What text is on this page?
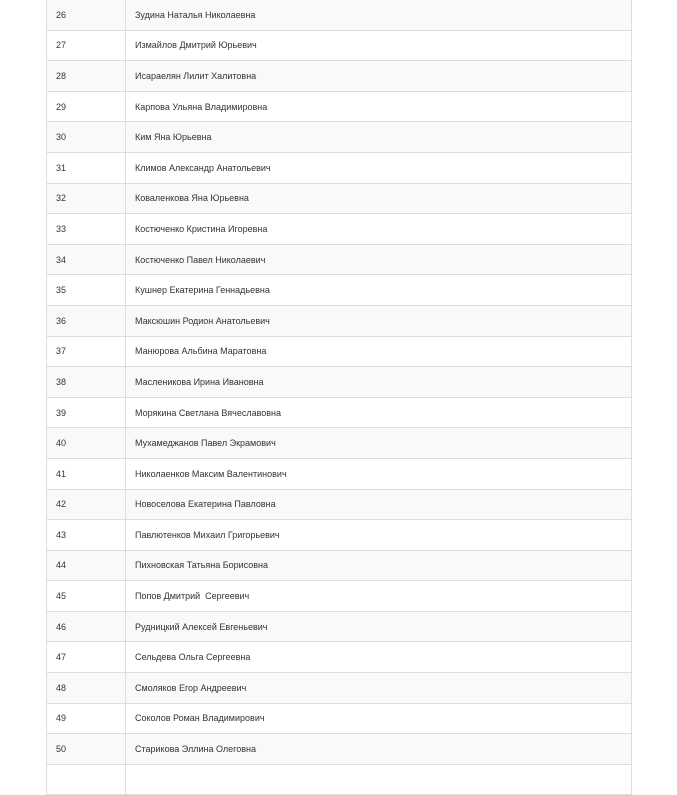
26	Зудина Наталья Николаевна
27	Измайлов Дмитрий Юрьевич
28	Исараелян Лилит Халитовна
29	Карпова Ульяна Владимировна
30	Ким Яна Юрьевна
31	Климов Александр Анатольевич
32	Коваленкова Яна Юрьевна
33	Костюченко Кристина Игоревна
34	Костюченко Павел Николаевич
35	Кушнер Екатерина Геннадьевна
36	Максюшин Родион Анатольевич
37	Манюрова Альбина Маратовна
38	Масленикова Ирина Ивановна
39	Морякина Светлана Вячеславовна
40	Мухамеджанов Павел Экрамович
41	Николаенков Максим Валентинович
42	Новоселова Екатерина Павловна
43	Павлютенков Михаил Григорьевич
44	Пихновская Татьяна Борисовна
45	Попов Дмитрий  Сергеевич
46	Рудницкий Алексей Евгеньевич
47	Сельдева Ольга Сергеевна
48	Смоляков Егор Андреевич
49	Соколов Роман Владимирович
50	Старикова Эллина Олеговна
